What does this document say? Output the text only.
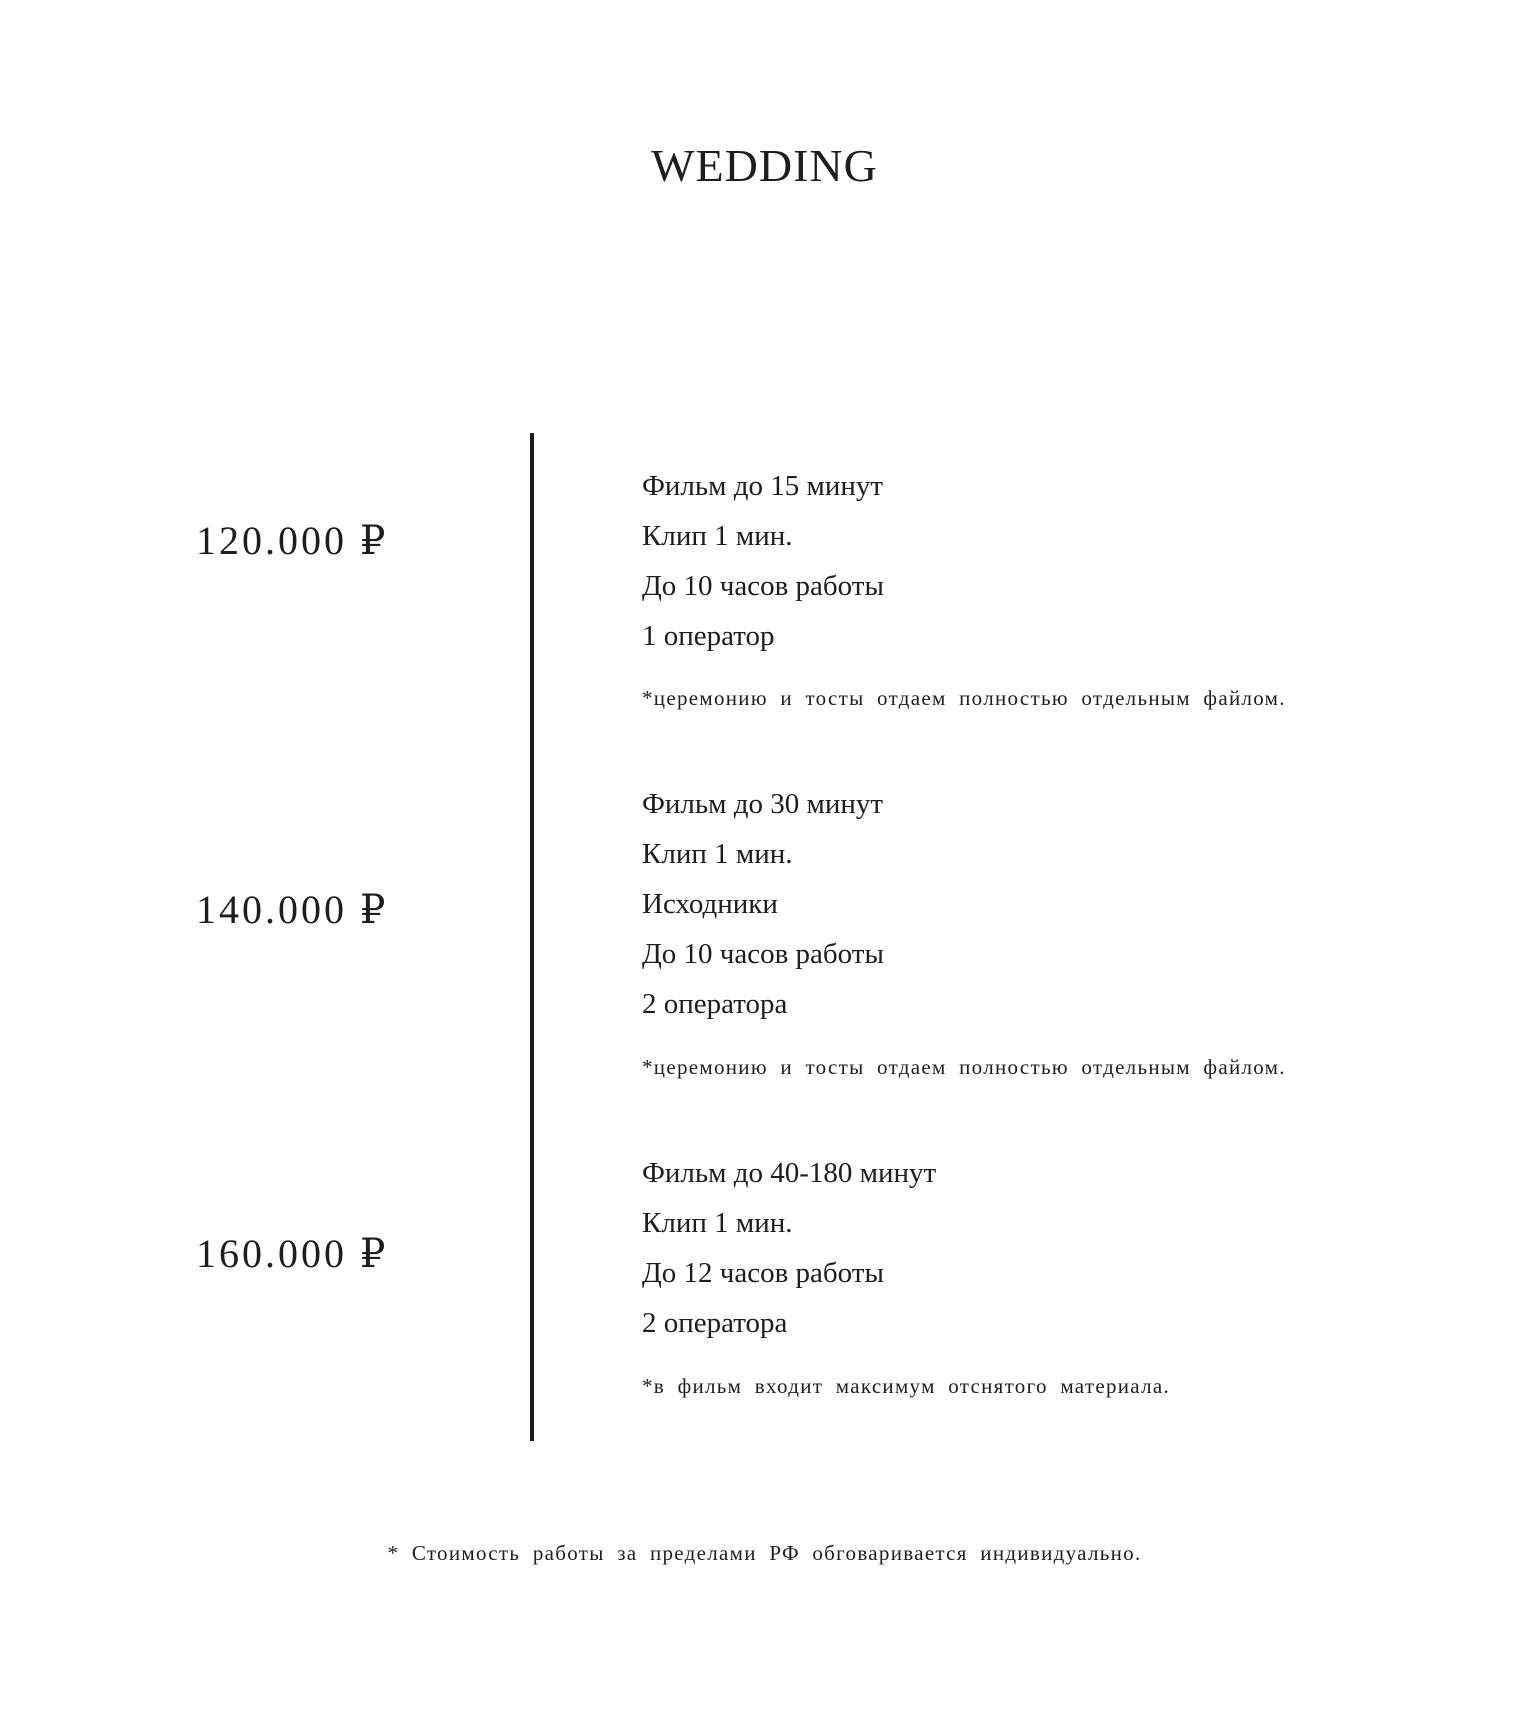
WEDDING
120.000 ₽
Фильм до 15 минут
Клип 1 мин.
До 10 часов работы
1 оператор
*церемонию и тосты отдаем полностью отдельным файлом.
140.000 ₽
Фильм до 30 минут
Клип 1 мин.
Исходники
До 10 часов работы
2 оператора
*церемонию и тосты отдаем полностью отдельным файлом.
160.000 ₽
Фильм до 40-180 минут
Клип 1 мин.
До 12 часов работы
2 оператора
*в фильм входит максимум отснятого материала.
* Стоимость работы за пределами РФ обговаривается индивидуально.
